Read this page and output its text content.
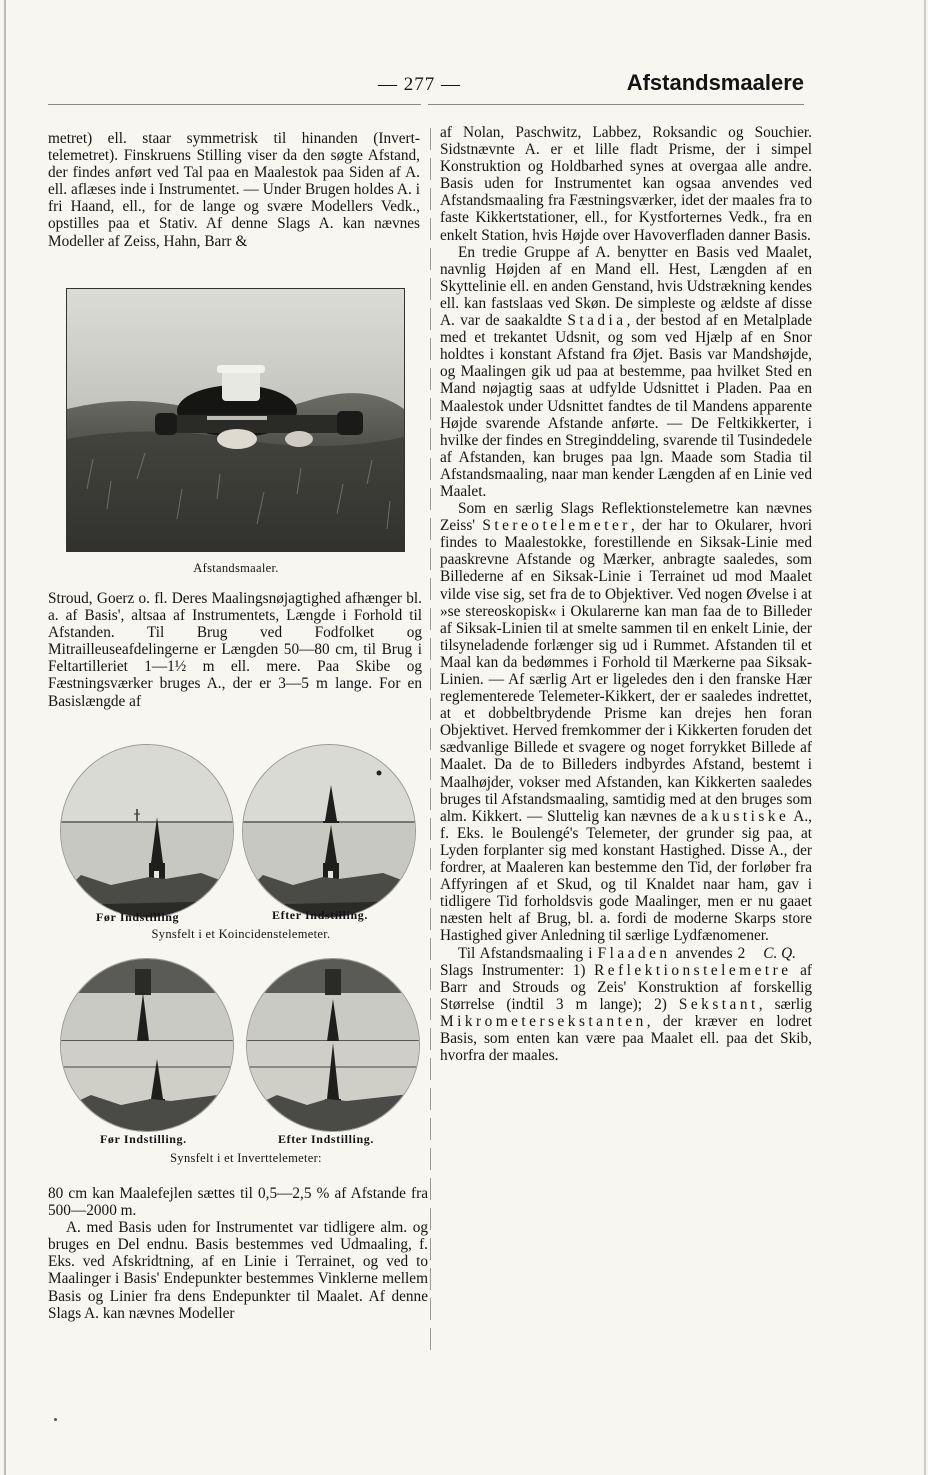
— 277 —	Afstandsmaalere

metret) ell. staar symmetrisk til hinanden (Invert-telemetret). Finskruens Stilling viser da den søgte Afstand, der findes anført ved Tal paa en Maalestok paa Siden af A. ell. aflæses inde i Instrumentet. — Under Brugen holdes A. i fri Haand, ell., for de lange og svære Modellers Vedk., opstilles paa et Stativ. Af denne Slags A. kan nævnes Modeller af Zeiss, Hahn, Barr &

Afstandsmaaler.

Stroud, Goerz o. fl. Deres Maalingsnøjagtighed afhænger bl. a. af Basis', altsaa af Instrumentets, Længde i Forhold til Afstanden. Til Brug ved Fodfolket og Mitrailleuseafdelingerne er Længden 50—80 cm, til Brug i Feltartilleriet 1—1½ m ell. mere. Paa Skibe og Fæstningsværker bruges A., der er 3—5 m lange. For en Basislængde af

Før Indstilling	Efter Indstilling.
Synsfelt i et Koincidenstelemeter.
Før Indstilling.	Efter Indstilling.
Synsfelt i et Inverttelemeter:

80 cm kan Maalefejlen sættes til 0,5—2,5 % af Afstande fra 500—2000 m.

A. med Basis uden for Instrumentet var tidligere alm. og bruges en Del endnu. Basis bestemmes ved Udmaaling, f. Eks. ved Afskridtning, af en Linie i Terrainet, og ved to Maalinger i Basis' Endepunkter bestemmes Vinklerne mellem Basis og Linier fra dens Endepunkter til Maalet. Af denne Slags A. kan nævnes Modeller

af Nolan, Paschwitz, Labbez, Roksandic og Souchier. Sidstnævnte A. er et lille fladt Prisme, der i simpel Konstruktion og Holdbarhed synes at overgaa alle andre. Basis uden for Instrumentet kan ogsaa anvendes ved Afstandsmaaling fra Fæstningsværker, idet der maales fra to faste Kikkertstationer, ell., for Kystforternes Vedk., fra en enkelt Station, hvis Højde over Havoverfladen danner Basis.

En tredie Gruppe af A. benytter en Basis ved Maalet, navnlig Højden af en Mand ell. Hest, Længden af en Skyttelinie ell. en anden Genstand, hvis Udstrækning kendes ell. kan fastslaas ved Skøn. De simpleste og ældste af disse A. var de saakaldte Stadia, der bestod af en Metalplade med et trekantet Udsnit, og som ved Hjælp af en Snor holdtes i konstant Afstand fra Øjet. Basis var Mandshøjde, og Maalingen gik ud paa at bestemme, paa hvilket Sted en Mand nøjagtig saas at udfylde Udsnittet i Pladen. Paa en Maalestok under Udsnittet fandtes de til Mandens apparente Højde svarende Afstande anførte. — De Feltkikkerter, i hvilke der findes en Streginddeling, svarende til Tusindedele af Afstanden, kan bruges paa lgn. Maade som Stadia til Afstandsmaaling, naar man kender Længden af en Linie ved Maalet.

Som en særlig Slags Reflektionstelemetre kan nævnes Zeiss' Stereotelemeter, der har to Okularer, hvori findes to Maalestokke, forestillende en Siksak-Linie med paaskrevne Afstande og Mærker, anbragte saaledes, som Billederne af en Siksak-Linie i Terrainet ud mod Maalet vilde vise sig, set fra de to Objektiver. Ved nogen Øvelse i at »se stereoskopisk« i Okularerne kan man faa de to Billeder af Siksak-Linien til at smelte sammen til en enkelt Linie, der tilsyneladende forlænger sig ud i Rummet. Afstanden til et Maal kan da bedømmes i Forhold til Mærkerne paa Siksak-Linien. — Af særlig Art er ligeledes den i den franske Hær reglementerede Telemeter-Kikkert, der er saaledes indrettet, at et dobbeltbrydende Prisme kan drejes hen foran Objektivet. Herved fremkommer der i Kikkerten foruden det sædvanlige Billede et svagere og noget forrykket Billede af Maalet. Da de to Billeders indbyrdes Afstand, bestemt i Maalhøjder, vokser med Afstanden, kan Kikkerten saaledes bruges til Afstandsmaaling, samtidig med at den bruges som alm. Kikkert. — Sluttelig kan nævnes de akustiske A., f. Eks. le Boulengé's Telemeter, der grunder sig paa, at Lyden forplanter sig med konstant Hastighed. Disse A., der fordrer, at Maaleren kan bestemme den Tid, der forløber fra Affyringen af et Skud, og til Knaldet naar ham, gav i tidligere Tid forholdsvis gode Maalinger, men er nu gaaet næsten helt af Brug, bl. a. fordi de moderne Skarps store Hastighed giver Anledning til særlige Lydfænomener.
C. Q.

Til Afstandsmaaling i Flaaden anvendes 2 Slags Instrumenter: 1) Reflektionstelemetre af Barr and Strouds og Zeis' Konstruktion af forskellig Størrelse (indtil 3 m lange); 2) Sekstant, særlig Mikrometersekstanten, der kræver en lodret Basis, som enten kan være paa Maalet ell. paa det Skib, hvorfra der maales.
